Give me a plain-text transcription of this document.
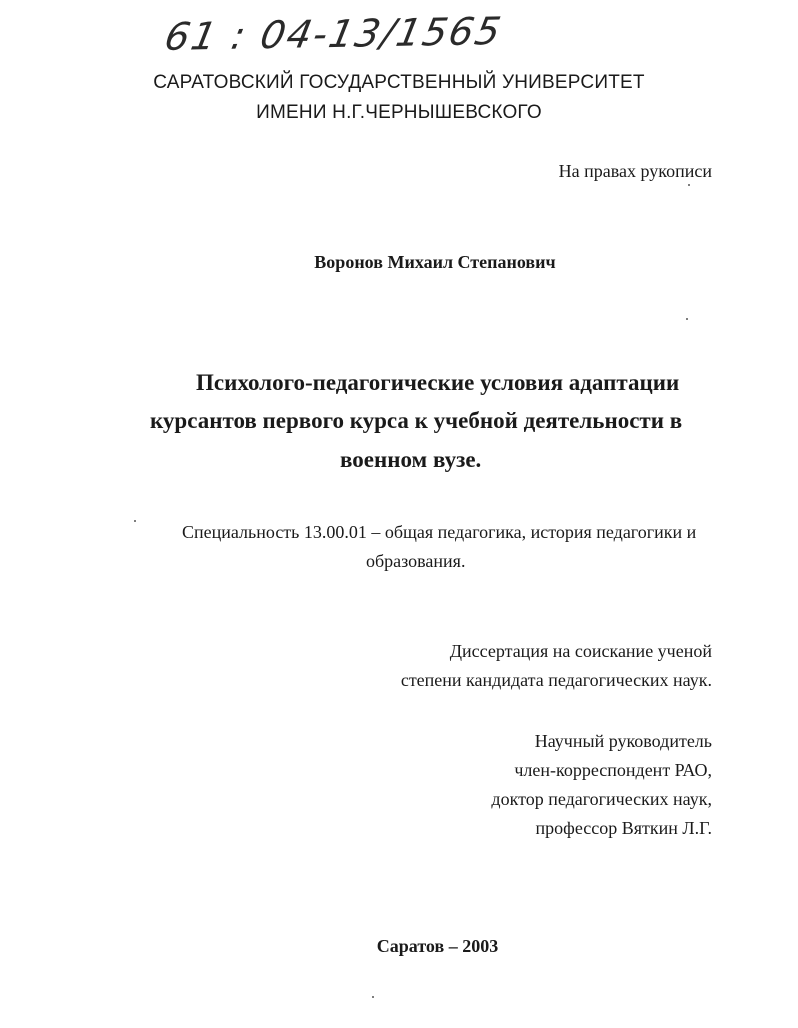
61 : 04-13/1565
САРАТОВСКИЙ ГОСУДАРСТВЕННЫЙ УНИВЕРСИТЕТ
ИМЕНИ Н.Г.ЧЕРНЫШЕВСКОГО
На правах рукописи
Воронов Михаил Степанович
Психолого-педагогические условия адаптации
курсантов первого курса к учебной деятельности в
военном вузе.
Специальность 13.00.01 – общая педагогика, история педагогики и
образования.
Диссертация на соискание ученой
степени кандидата педагогических наук.
Научный руководитель
член-корреспондент РАО,
доктор педагогических наук,
профессор Вяткин Л.Г.
Саратов – 2003
